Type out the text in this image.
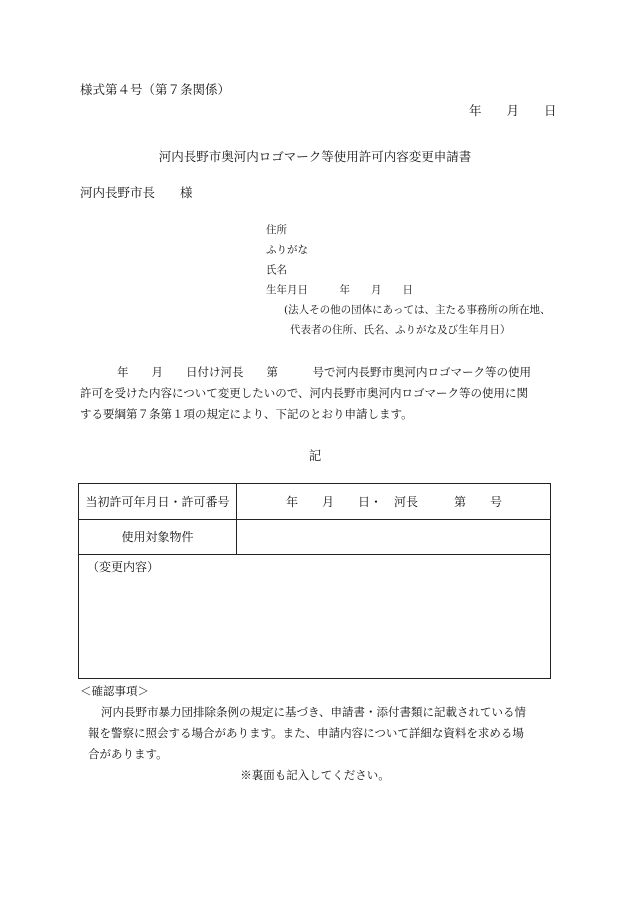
様式第４号（第７条関係）
年　　月　　日
河内長野市奥河内ロゴマーク等使用許可内容変更申請書
河内長野市長　　様
住所
ふりがな
氏名
生年月日　　　年　　月　　日
(法人その他の団体にあっては、主たる事務所の所在地、
代表者の住所、氏名、ふりがな及び生年月日）
年　　月　　日付け河長　　第　　　号で河内長野市奥河内ロゴマーク等の使用
許可を受けた内容について変更したいので、河内長野市奥河内ロゴマーク等の使用に関
する要綱第７条第１項の規定により、下記のとおり申請します。
記
当初許可年月日・許可番号	年　　月　　日・　河長　　　第　　号
使用対象物件
（変更内容）
＜確認事項＞
河内長野市暴力団排除条例の規定に基づき、申請書・添付書類に記載されている情
報を警察に照会する場合があります。また、申請内容について詳細な資料を求める場
合があります。
※裏面も記入してください。
